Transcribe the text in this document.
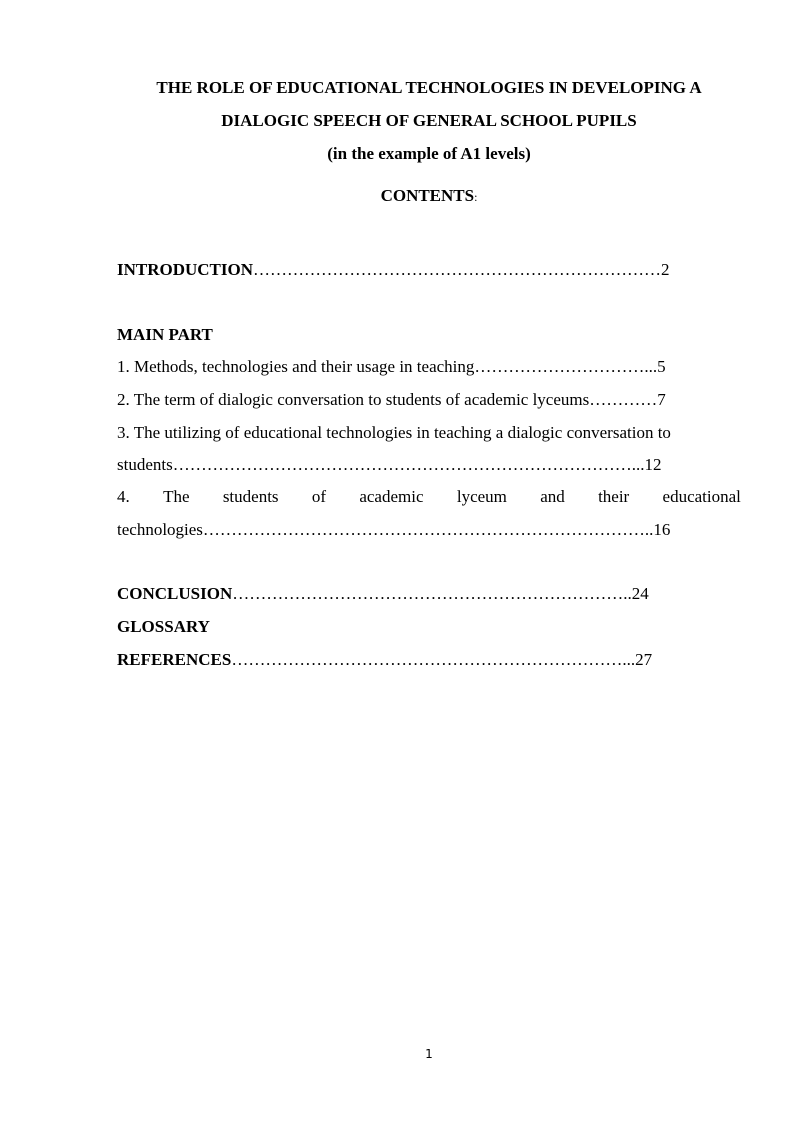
THE ROLE OF EDUCATIONAL TECHNOLOGIES IN DEVELOPING A
DIALOGIC SPEECH OF GENERAL SCHOOL PUPILS
(in the example of A1 levels)
CONTENTS:
INTRODUCTION………………………………………………………………2
MAIN PART
1. Methods, technologies and their usage in teaching…………………………...5
2. The term of dialogic conversation to students of academic lyceums…………7
3. The utilizing of educational technologies in teaching a dialogic conversation to
students………………………………………………………………………...12
4. The students of academic lyceum and their educational
technologies……………………………………………………………………..16
CONCLUSION……………………………………………………………..24
GLOSSARY
REFERENCES……………………………………………………………...27
1
